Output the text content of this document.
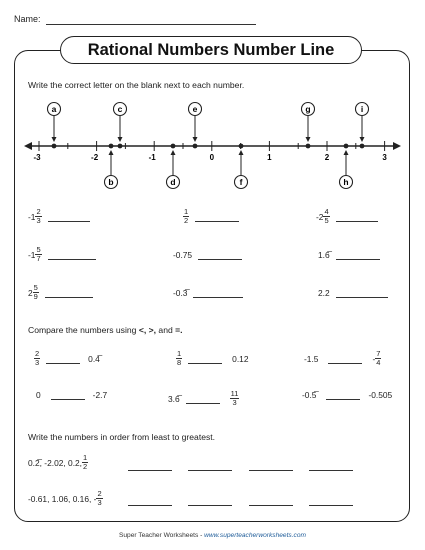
Name:
Rational Numbers Number Line
Write the correct letter on the blank next to each number.
-3	-2	-1	0	1	2	3
a	c	e	g	i
b	d	f	h
$-1 \frac{2}{3}$	$\frac{1}{2}$	$-2 \frac{4}{5}$
$-1 \frac{5}{7}$	-0.75	1.6̅
$2 \frac{5}{9}$	-0.3̅	2.2
Compare the numbers using <, >, and =.
$\frac{2}{3}$	0.4̅	$\frac{1}{8}$	0.12	-1.5	- $\frac{7}{4}$
0	-2.7	3.6̅	$\frac{11}{3}$	-0.5̅	-0.505
Write the numbers in order from least to greatest.
0.2̅, -2.02, 0.2, $\frac{1}{2}$

-0.61, 1.06, 0.16, - $\frac{2}{3}$

Super Teacher Worksheets - www.superteacherworksheets.com
